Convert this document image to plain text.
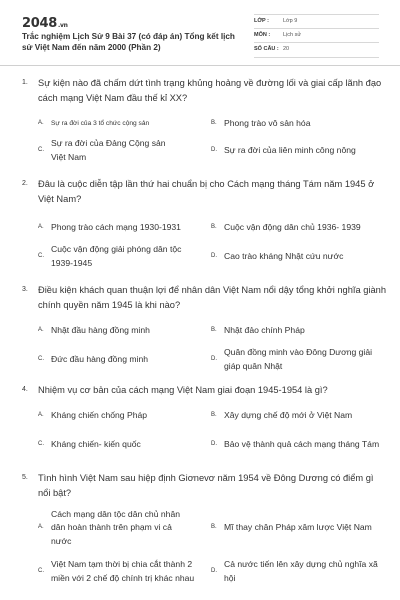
2048.vn
Trắc nghiệm Lịch Sử 9 Bài 37 (có đáp án) Tổng kết lịch sử Việt Nam đến năm 2000 (Phần 2)
LỚP :	Lớp 9
MÔN : Lịch sử
SỐ CÂU : 20
1. Sự kiện nào đã chấm dứt tình trạng khủng hoảng về đường lối và giai cấp lãnh đạo cách mạng Việt Nam đầu thế kỉ XX?
A.	Sự ra đời của 3 tổ chức cộng sản	B. Phong trào vô sản hóa
C.
Sự ra đời của Đảng Cộng sản Việt Nam
D. Sự ra đời của liên minh công nông
2. Đâu là cuộc diễn tập lần thứ hai chuẩn bị cho Cách mạng tháng Tám năm 1945 ở Việt Nam?
A. Phong trào cách mạng 1930-1931	B. Cuộc vận động dân chủ 1936- 1939
C.
Cuộc vận động giải phóng dân tộc 1939-1945
D. Cao trào kháng Nhật cứu nước
3. Điều kiện khách quan thuận lợi để nhân dân Việt Nam nổi dậy tổng khởi nghĩa giành chính quyền năm 1945 là khi nào?
A. Nhật đầu hàng đồng minh	B. Nhật đảo chính Pháp
C. Đức đầu hàng đồng minh	D.
Quân đồng minh vào Đông Dương giải giáp quân Nhật
4. Nhiệm vụ cơ bản của cách mạng Việt Nam giai đoạn 1945-1954 là gì?
A. Kháng chiến chống Pháp	B. Xây dựng chế độ mới ở Việt Nam
C. Kháng chiến- kiến quốc	D. Bảo vệ thành quả cách mạng tháng Tám
5. Tình hình Việt Nam sau hiệp định Giơnevơ năm 1954 về Đông Dương có điểm gì nổi bật?
A.
Cách mạng dân tộc dân chủ nhân dân hoàn thành trên phạm vi cả nước
B. Mĩ thay chân Pháp xâm lược Việt Nam
C.
Việt Nam tạm thời bị chia cắt thành 2 miền với 2 chế độ chính trị khác nhau
D.
Cả nước tiến lên xây dựng chủ nghĩa xã hội
